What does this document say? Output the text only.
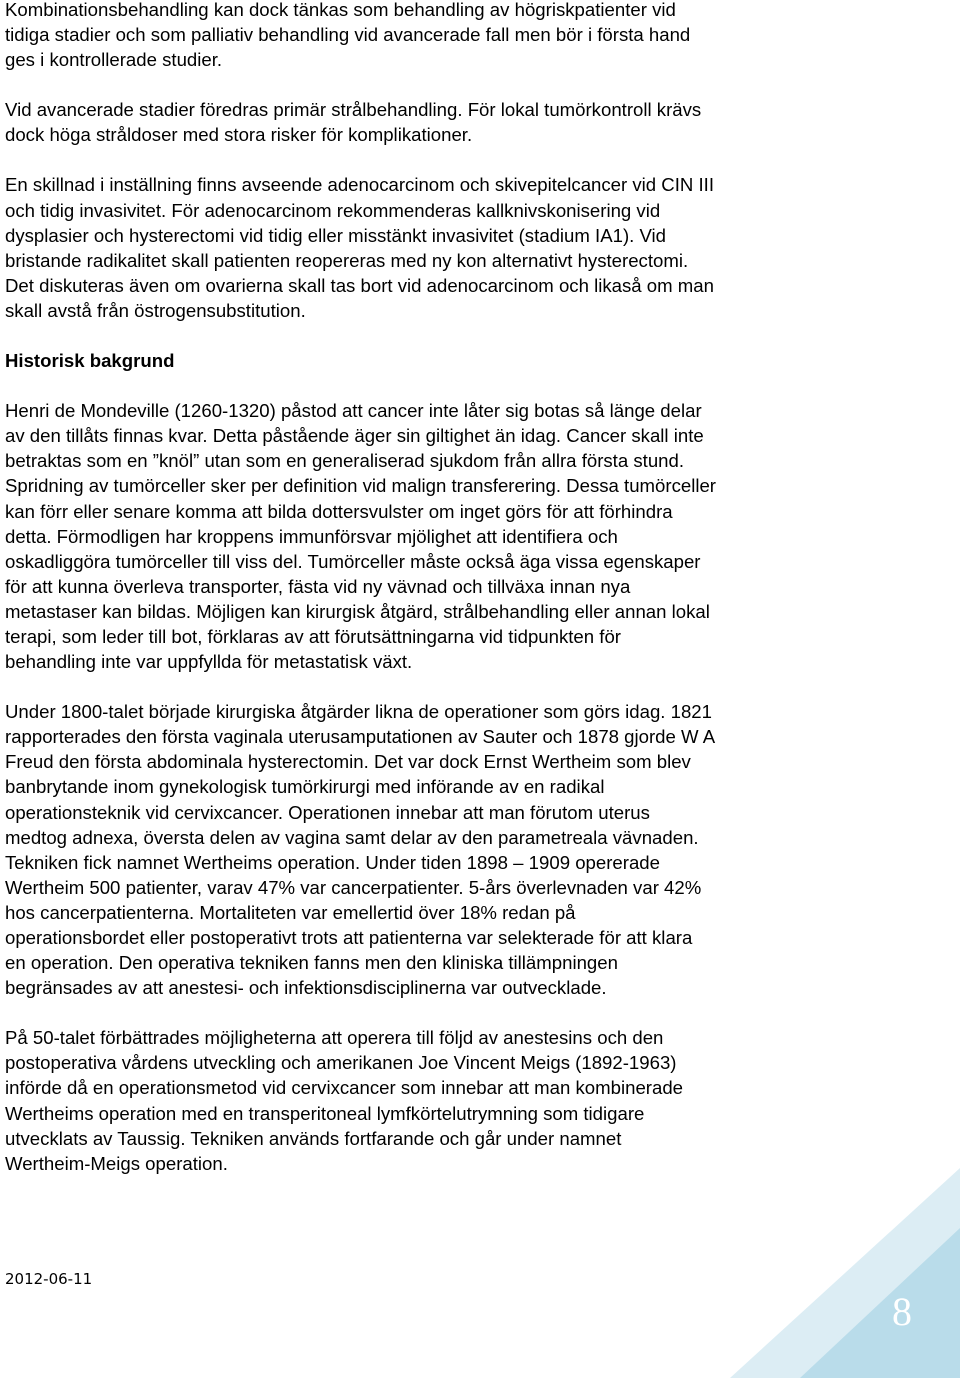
Kombinationsbehandling kan dock tänkas som behandling av högriskpatienter vid
tidiga stadier och som palliativ behandling vid avancerade fall men bör i första hand
ges i kontrollerade studier.

Vid avancerade stadier föredras primär strålbehandling. För lokal tumörkontroll krävs
dock höga stråldoser med stora risker för komplikationer.

En skillnad i inställning finns avseende adenocarcinom och skivepitelcancer vid CIN III
och tidig invasivitet. För adenocarcinom rekommenderas kallknivskonisering vid
dysplasier och hysterectomi vid tidig eller misstänkt invasivitet (stadium IA1). Vid
bristande radikalitet skall patienten reopereras med ny kon alternativt hysterectomi.
Det diskuteras även om ovarierna skall tas bort vid adenocarcinom och likaså om man
skall avstå från östrogensubstitution.

Historisk bakgrund

Henri de Mondeville (1260-1320) påstod att cancer inte låter sig botas så länge delar
av den tillåts finnas kvar. Detta påstående äger sin giltighet än idag. Cancer skall inte
betraktas som en ”knöl” utan som en generaliserad sjukdom från allra första stund.
Spridning av tumörceller sker per definition vid malign transferering. Dessa tumörceller
kan förr eller senare komma att bilda dottersvulster om inget görs för att förhindra
detta. Förmodligen har kroppens immunförsvar mjölighet att identifiera och
oskadliggöra tumörceller till viss del. Tumörceller måste också äga vissa egenskaper
för att kunna överleva transporter, fästa vid ny vävnad och tillväxa innan nya
metastaser kan bildas. Möjligen kan kirurgisk åtgärd, strålbehandling eller annan lokal
terapi, som leder till bot, förklaras av att förutsättningarna vid tidpunkten för
behandling inte var uppfyllda för metastatisk växt.

Under 1800-talet började kirurgiska åtgärder likna de operationer som görs idag. 1821
rapporterades den första vaginala uterusamputationen av Sauter och 1878 gjorde W A
Freud den första abdominala hysterectomin. Det var dock Ernst Wertheim som blev
banbrytande inom gynekologisk tumörkirurgi med införande av en radikal
operationsteknik vid cervixcancer. Operationen innebar att man förutom uterus
medtog adnexa, översta delen av vagina samt delar av den parametreala vävnaden.
Tekniken fick namnet Wertheims operation. Under tiden 1898 – 1909 opererade
Wertheim 500 patienter, varav 47% var cancerpatienter. 5-års överlevnaden var 42%
hos cancerpatienterna. Mortaliteten var emellertid över 18% redan på
operationsbordet eller postoperativt trots att patienterna var selekterade för att klara
en operation. Den operativa tekniken fanns men den kliniska tillämpningen
begränsades av att anestesi- och infektionsdisciplinerna var outvecklade.

På 50-talet förbättrades möjligheterna att operera till följd av anestesins och den
postoperativa vårdens utveckling och amerikanen Joe Vincent Meigs (1892-1963)
införde då en operationsmetod vid cervixcancer som innebar att man kombinerade
Wertheims operation med en transperitoneal lymfkörtelutrymning som tidigare
utvecklats av Taussig. Tekniken används fortfarande och går under namnet
Wertheim-Meigs operation.

2012-06-11
8
